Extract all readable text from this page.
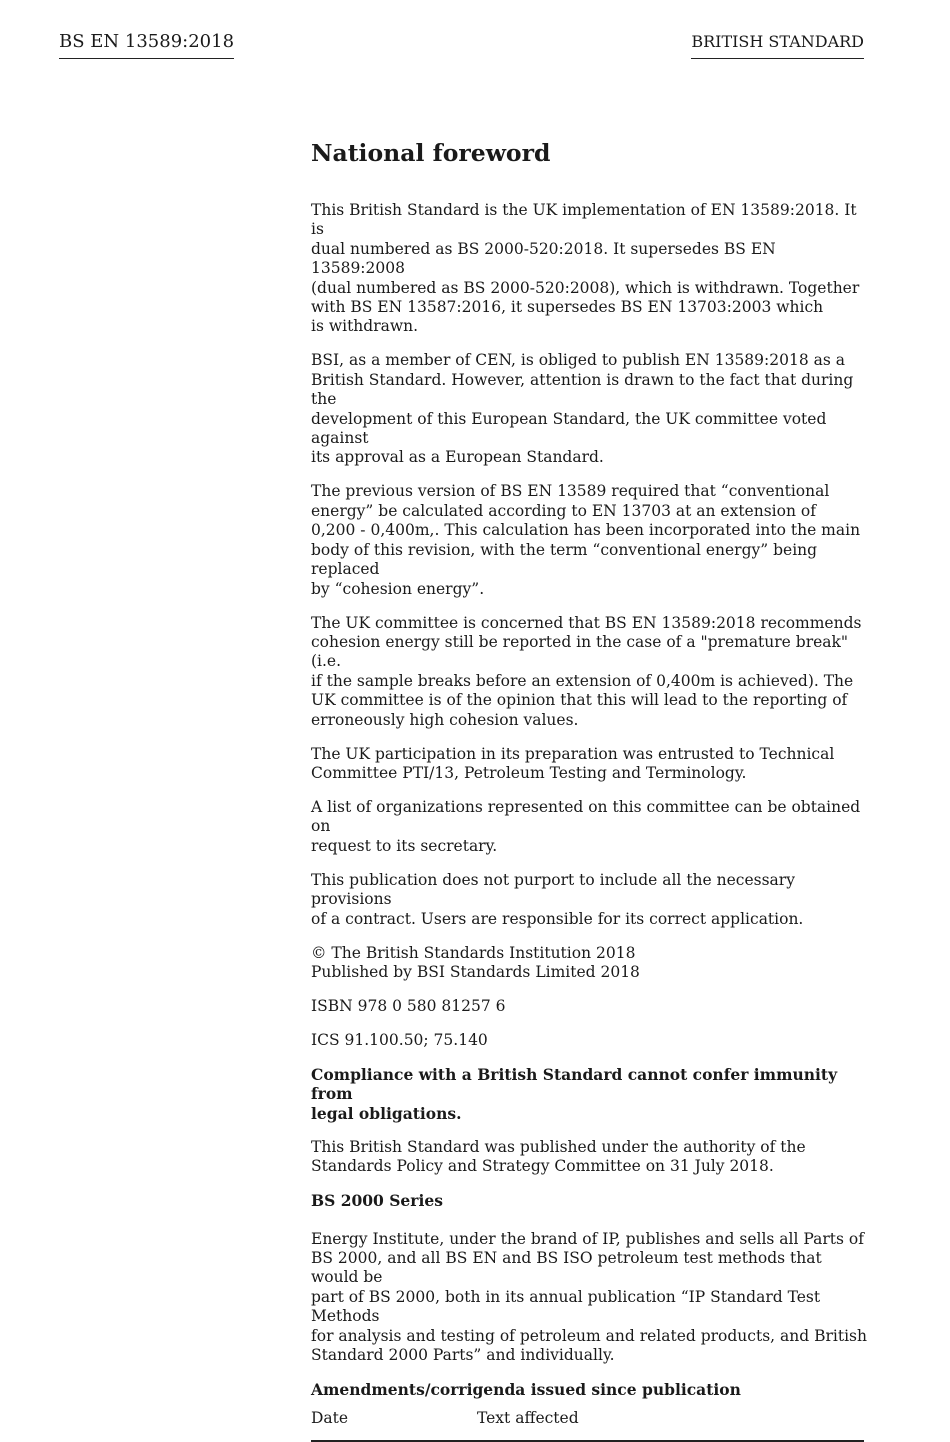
BS EN 13589:2018	BRITISH STANDARD
National foreword

This British Standard is the UK implementation of EN 13589:2018. It is
dual numbered as BS 2000-520:2018. It supersedes BS EN 13589:2008
(dual numbered as BS 2000-520:2008), which is withdrawn. Together
with BS EN 13587:2016, it supersedes BS EN 13703:2003 which
is withdrawn.

BSI, as a member of CEN, is obliged to publish EN 13589:2018 as a
British Standard. However, attention is drawn to the fact that during the
development of this European Standard, the UK committee voted against
its approval as a European Standard.

The previous version of BS EN 13589 required that “conventional
energy” be calculated according to EN 13703 at an extension of
0,200 - 0,400m,. This calculation has been incorporated into the main
body of this revision, with the term “conventional energy” being replaced
by “cohesion energy”.

The UK committee is concerned that BS EN 13589:2018 recommends
cohesion energy still be reported in the case of a "premature break" (i.e.
if the sample breaks before an extension of 0,400m is achieved). The
UK committee is of the opinion that this will lead to the reporting of
erroneously high cohesion values.

The UK participation in its preparation was entrusted to Technical
Committee PTI/13, Petroleum Testing and Terminology.

A list of organizations represented on this committee can be obtained on
request to its secretary.

This publication does not purport to include all the necessary provisions
of a contract. Users are responsible for its correct application.

© The British Standards Institution 2018
Published by BSI Standards Limited 2018

ISBN 978 0 580 81257 6

ICS 91.100.50; 75.140

Compliance with a British Standard cannot confer immunity from
legal obligations.

This British Standard was published under the authority of the
Standards Policy and Strategy Committee on 31 July 2018.

BS 2000 Series

Energy Institute, under the brand of IP, publishes and sells all Parts of
BS 2000, and all BS EN and BS ISO petroleum test methods that would be
part of BS 2000, both in its annual publication “IP Standard Test Methods
for analysis and testing of petroleum and related products, and British
Standard 2000 Parts” and individually.

Amendments/corrigenda issued since publication
Date	Text affected
